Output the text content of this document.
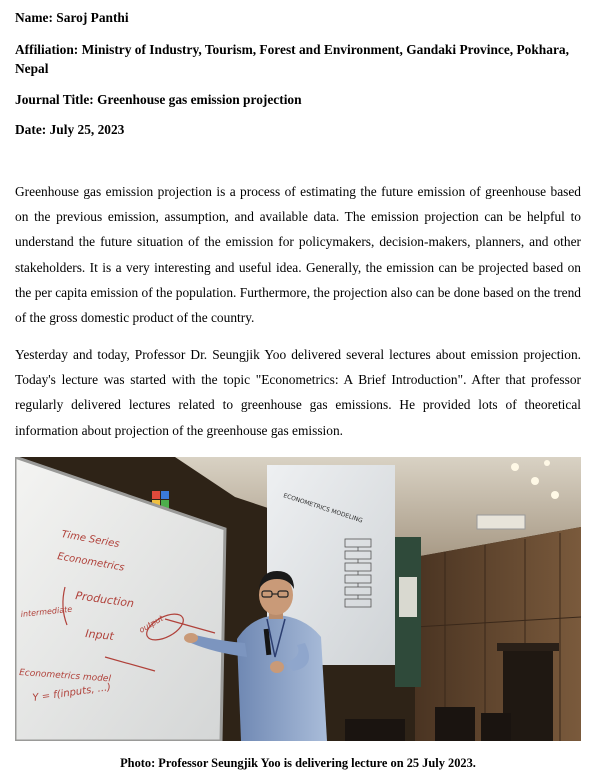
Name: Saroj Panthi

Affiliation: Ministry of Industry, Tourism, Forest and Environment, Gandaki Province, Pokhara, Nepal

Journal Title: Greenhouse gas emission projection

Date: July 25, 2023

Greenhouse gas emission projection is a process of estimating the future emission of greenhouse based on the previous emission, assumption, and available data. The emission projection can be helpful to understand the future situation of the emission for policymakers, decision-makers, planners, and other stakeholders. It is a very interesting and useful idea. Generally, the emission can be projected based on the per capita emission of the population. Furthermore, the projection also can be done based on the trend of the gross domestic product of the country.

Yesterday and today, Professor Dr. Seungjik Yoo delivered several lectures about emission projection. Today's lecture was started with the topic "Econometrics: A Brief Introduction". After that professor regularly delivered lectures related to greenhouse gas emissions. He provided lots of theoretical information about projection of the greenhouse gas emission.

ECONOMETRICS MODELING
Time Series
Econometrics
Production
intermediate
Input
Econometrics model
Y = f(inputs, ...)
output

Photo: Professor Seungjik Yoo is delivering lecture on 25 July 2023.
